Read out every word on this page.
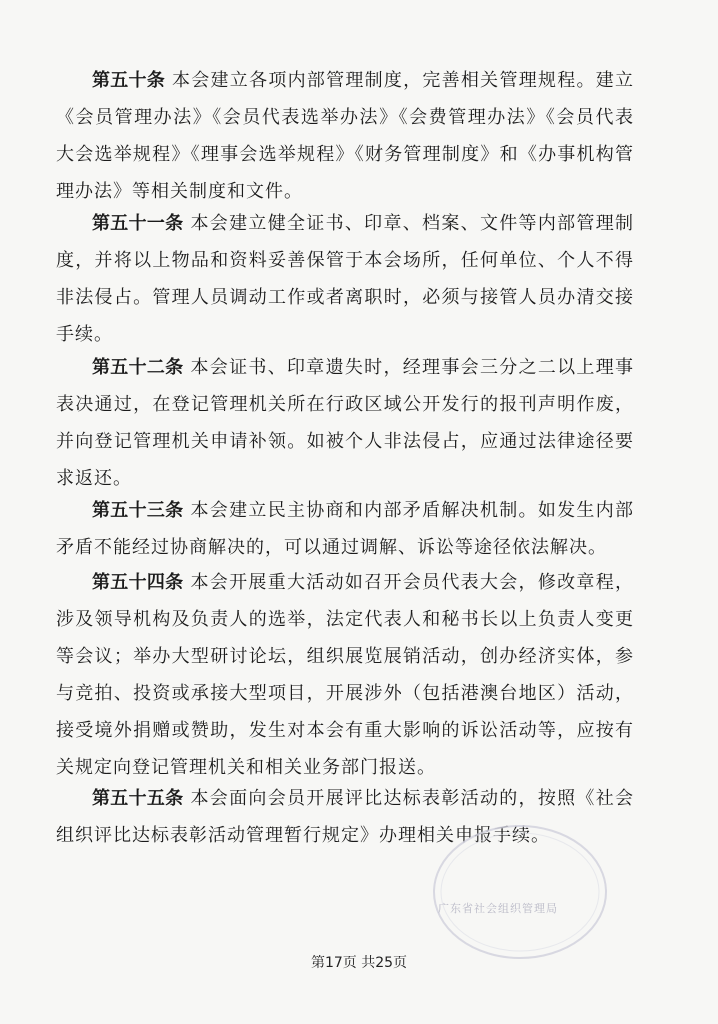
第五十条 本会建立各项内部管理制度，完善相关管理规程。建立《会员管理办法》《会员代表选举办法》《会费管理办法》《会员代表大会选举规程》《理事会选举规程》《财务管理制度》和《办事机构管理办法》等相关制度和文件。

第五十一条 本会建立健全证书、印章、档案、文件等内部管理制度，并将以上物品和资料妥善保管于本会场所，任何单位、个人不得非法侵占。管理人员调动工作或者离职时，必须与接管人员办清交接手续。

第五十二条 本会证书、印章遗失时，经理事会三分之二以上理事表决通过，在登记管理机关所在行政区域公开发行的报刊声明作废，并向登记管理机关申请补领。如被个人非法侵占，应通过法律途径要求返还。

第五十三条 本会建立民主协商和内部矛盾解决机制。如发生内部矛盾不能经过协商解决的，可以通过调解、诉讼等途径依法解决。

第五十四条 本会开展重大活动如召开会员代表大会，修改章程，涉及领导机构及负责人的选举，法定代表人和秘书长以上负责人变更等会议；举办大型研讨论坛，组织展览展销活动，创办经济实体，参与竞拍、投资或承接大型项目，开展涉外（包括港澳台地区）活动，接受境外捐赠或赞助，发生对本会有重大影响的诉讼活动等，应按有关规定向登记管理机关和相关业务部门报送。

第五十五条 本会面向会员开展评比达标表彰活动的，按照《社会组织评比达标表彰活动管理暂行规定》办理相关申报手续。

广东省社会组织管理局
第17页 共25页
